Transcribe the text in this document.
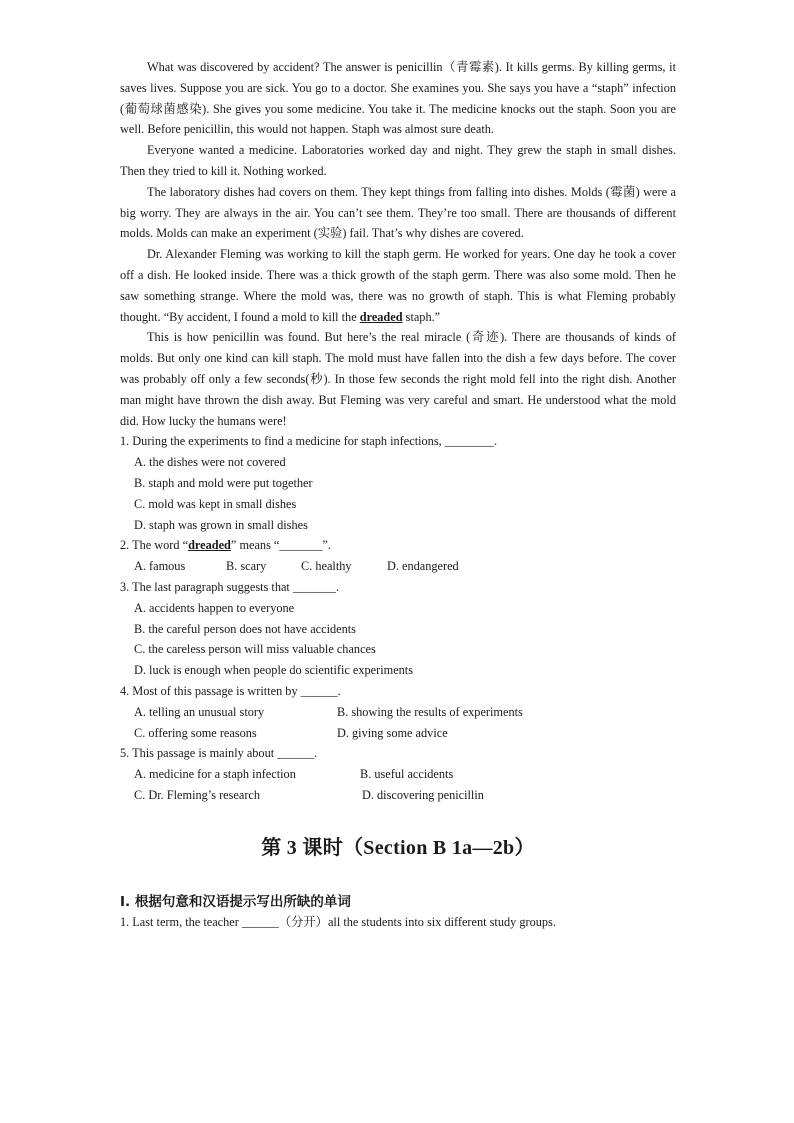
What was discovered by accident? The answer is penicillin（青霉素). It kills germs. By killing germs, it saves lives. Suppose you are sick. You go to a doctor. She examines you. She says you have a “staph” infection (葡萄球菌感染). She gives you some medicine. You take it. The medicine knocks out the staph. Soon you are well. Before penicillin, this would not happen. Staph was almost sure death.

Everyone wanted a medicine. Laboratories worked day and night. They grew the staph in small dishes. Then they tried to kill it. Nothing worked.

The laboratory dishes had covers on them. They kept things from falling into dishes. Molds (霉菌) were a big worry. They are always in the air. You can’t see them. They’re too small. There are thousands of different molds. Molds can make an experiment (实验) fail. That’s why dishes are covered.

Dr. Alexander Fleming was working to kill the staph germ. He worked for years. One day he took a cover off a dish. He looked inside. There was a thick growth of the staph germ. There was also some mold. Then he saw something strange. Where the mold was, there was no growth of staph. This is what Fleming probably thought. “By accident, I found a mold to kill the dreaded staph.”

This is how penicillin was found. But here’s the real miracle (奇迹). There are thousands of kinds of molds. But only one kind can kill staph. The mold must have fallen into the dish a few days before. The cover was probably off only a few seconds(秒). In those few seconds the right mold fell into the right dish. Another man might have thrown the dish away. But Fleming was very careful and smart. He understood what the mold did. How lucky the humans were!

1. During the experiments to find a medicine for staph infections, ________.

A. the dishes were not covered

B. staph and mold were put together

C. mold was kept in small dishes

D. staph was grown in small dishes

2. The word “dreaded” means “_______”.

A. famous	B. scary	C. healthy	D. endangered

3. The last paragraph suggests that _______.

A. accidents happen to everyone

B. the careful person does not have accidents

C. the careless person will miss valuable chances

D. luck is enough when people do scientific experiments

4. Most of this passage is written by ______.

A. telling an unusual story	B. showing the results of experiments

C. offering some reasons	D. giving some advice

5. This passage is mainly about ______.

A. medicine for a staph infection	B. useful accidents

C. Dr. Fleming’s research	D. discovering penicillin

第 3 课时（Section B 1a—2b）
Ⅰ. 根据句意和汉语提示写出所缺的单词

1. Last term, the teacher ______（分开）all the students into six different study groups.
